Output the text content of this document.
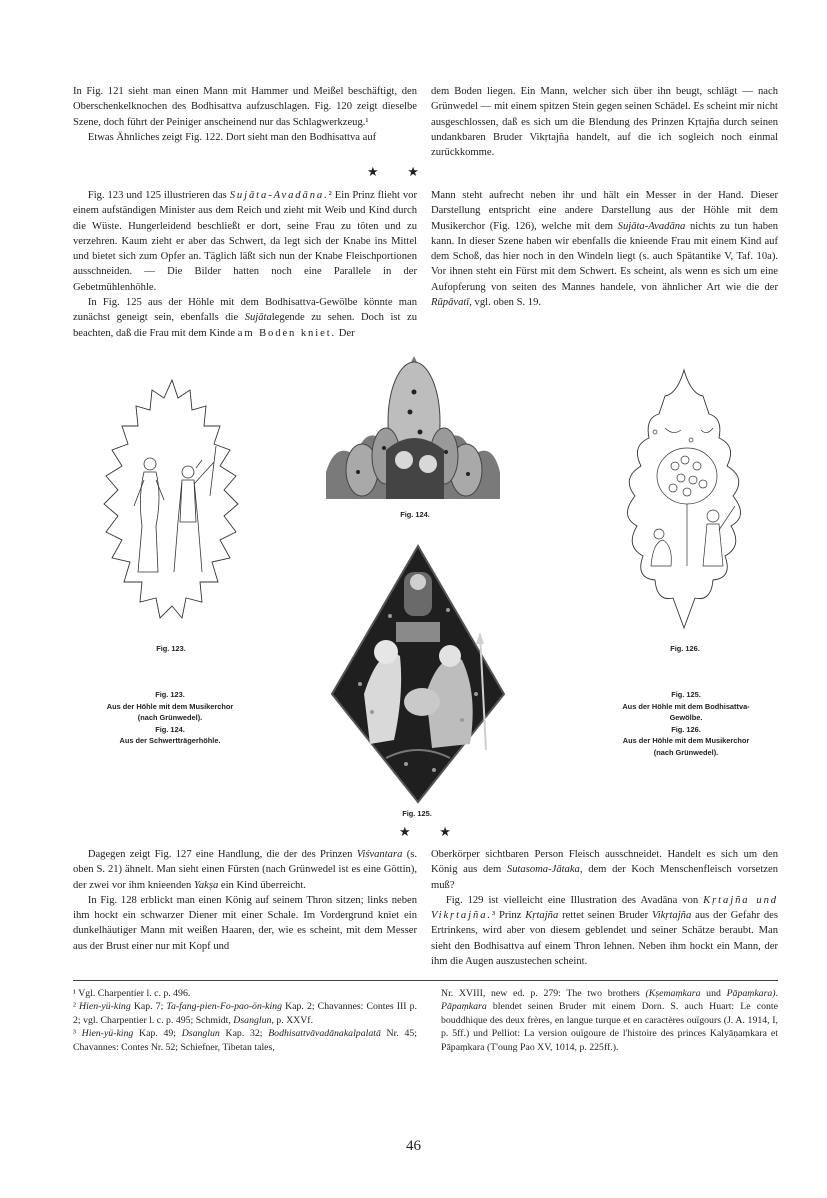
In Fig. 121 sieht man einen Mann mit Hammer und Meißel beschäftigt, den Oberschenkelknochen des Bodhisattva aufzuschlagen. Fig. 120 zeigt dieselbe Szene, doch führt der Peiniger anscheinend nur das Schlagwerkzeug.¹

Etwas Ähnliches zeigt Fig. 122. Dort sieht man den Bodhisattva auf

dem Boden liegen. Ein Mann, welcher sich über ihn beugt, schlägt — nach Grünwedel — mit einem spitzen Stein gegen seinen Schädel. Es scheint mir nicht ausgeschlossen, daß es sich um die Blendung des Prinzen Kṛtajña durch seinen undankbaren Bruder Vikṛtajña handelt, auf die ich sogleich noch einmal zurückkomme.

★★

Fig. 123 und 125 illustrieren das Sujāta-Avadāna.² Ein Prinz flieht vor einem aufständigen Minister aus dem Reich und zieht mit Weib und Kind durch die Wüste. Hungerleidend beschließt er dort, seine Frau zu töten und zu verzehren. Kaum zieht er aber das Schwert, da legt sich der Knabe ins Mittel und bietet sich zum Opfer an. Täglich läßt sich nun der Knabe Fleischportionen ausschneiden. — Die Bilder hatten noch eine Parallele in der Gebetmühlenhöhle.

In Fig. 125 aus der Höhle mit dem Bodhisattva-Gewölbe könnte man zunächst geneigt sein, ebenfalls die Sujātalegende zu sehen. Doch ist zu beachten, daß die Frau mit dem Kinde am Boden kniet. Der

Mann steht aufrecht neben ihr und hält ein Messer in der Hand. Dieser Darstellung entspricht eine andere Darstellung aus der Höhle mit dem Musikerchor (Fig. 126), welche mit dem Sujāta-Avadāna nichts zu tun haben kann. In dieser Szene haben wir ebenfalls die knieende Frau mit einem Kind auf dem Schoß, das hier noch in den Windeln liegt (s. auch Spätantike V, Taf. 10a). Vor ihnen steht ein Fürst mit dem Schwert. Es scheint, als wenn es sich um eine Aufopferung von seiten des Mannes handele, von ähnlicher Art wie die der Rūpāvatī, vgl. oben S. 19.

Fig. 123.
Fig. 124.
Fig. 125.
Fig. 126.
Fig. 123.
Aus der Höhle mit dem Musikerchor
(nach Grünwedel).
Fig. 124.
Aus der Schwertträgerhöhle.
Fig. 125.
Aus der Höhle mit dem Bodhisattva-
Gewölbe.
Fig. 126.
Aus der Höhle mit dem Musikerchor
(nach Grünwedel).
★★

Dagegen zeigt Fig. 127 eine Handlung, die der des Prinzen Viśvantara (s. oben S. 21) ähnelt. Man sieht einen Fürsten (nach Grünwedel ist es eine Göttin), der zwei vor ihm knieenden Yakṣa ein Kind überreicht.

In Fig. 128 erblickt man einen König auf seinem Thron sitzen; links neben ihm hockt ein schwarzer Diener mit einer Schale. Im Vordergrund kniet ein dunkelhäutiger Mann mit weißen Haaren, der, wie es scheint, mit dem Messer aus der Brust einer nur mit Kopf und

Oberkörper sichtbaren Person Fleisch ausschneidet. Handelt es sich um den König aus dem Sutasoma-Jātaka, dem der Koch Menschenfleisch vorsetzen muß?

Fig. 129 ist vielleicht eine Illustration des Avadāna von Kṛtajña und Vikṛtajña.³ Prinz Kṛtajña rettet seinen Bruder Vikṛtajña aus der Gefahr des Ertrinkens, wird aber von diesem geblendet und seiner Schätze beraubt. Man sieht den Bodhisattva auf einem Thron lehnen. Neben ihm hockt ein Mann, der ihm die Augen auszustechen scheint.

¹ Vgl. Charpentier l. c. p. 496.

² Hien-yü-king Kap. 7; Ta-fang-pien-Fo-pao-ön-king Kap. 2; Chavannes: Contes III p. 2; vgl. Charpentier l. c. p. 495; Schmidt, Dsanglun, p. XXVf.

³ Hien-yü-king Kap. 49; Dsanglun Kap. 32; Bodhisattvāvadānakalpalatā Nr. 45; Chavannes: Contes Nr. 52; Schiefner, Tibetan tales,

Nr. XVIII, new ed. p. 279: The two brothers (Kṣemaṃkara und Pāpaṃkara). Pāpaṃkara blendet seinen Bruder mit einem Dorn. S. auch Huart: Le conte bouddhique des deux frères, en langue turque et en caractères ouïgours (J. A. 1914, I, p. 5ff.) und Pelliot: La version ouïgoure de l'histoire des princes Kalyāṇaṃkara et Pāpaṃkara (T'oung Pao XV, 1014, p. 225ff.).

46
